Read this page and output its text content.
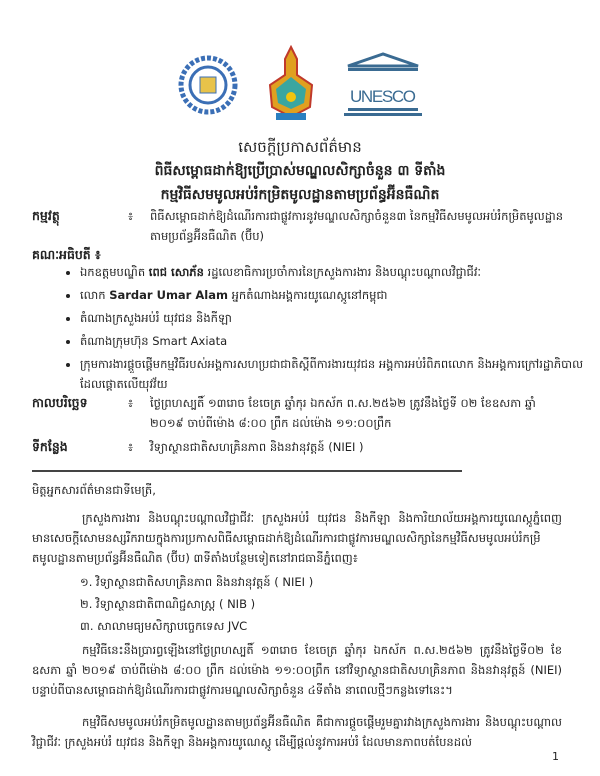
UNESCO
សេចក្តីប្រកាសព័ត៌មាន
ពិធីសម្ពោធដាក់ឱ្យប្រើប្រាស់មណ្ឌលសិក្សាចំនួន ៣ ទីតាំង
កម្មវិធីសមមូលអប់រំកម្រិតមូលដ្ឋានតាមប្រព័ន្ធអ៊ីនធឺណិត
កម្មវត្ថុ	៖	ពិធីសម្ពោធដាក់ឱ្យដំណើរការជាផ្លូវការនូវមណ្ឌលសិក្សាចំនួន៣ នៃកម្មវិធីសមមូលអប់រំកម្រិតមូលដ្ឋានតាមប្រព័ន្ធអ៊ីនធឺណិត (ប៊ីប)
គណៈអធិបតី ៖
• ឯកឧត្តមបណ្ឌិត ពេជ សោភ័ន រដ្ឋលេខាធិការប្រចាំការនៃក្រសួងការងារ និងបណ្តុះបណ្តាលវិជ្ជាជីវៈ
• លោក Sardar Umar Alam អ្នកតំណាងអង្គការយូណេស្កូនៅកម្ពុជា
• តំណាងក្រសួងអប់រំ យុវជន និងកីឡា
• តំណាងក្រុមហ៊ុន Smart Axiata
• ក្រុមការងារផ្តួចផ្តើមកម្មវិធីរបស់អង្គការសហប្រជាជាតិស្តីពីការងារយុវជន អង្គការអប់រំពិភពលោក និងអង្គការក្រៅរដ្ឋាភិបាលដែលផ្តោតលើយុវវ័យ
កាលបរិច្ឆេទ	៖	ថ្ងៃព្រហស្បតិ៍ ១៣រោច ខែចេត្រ ឆ្នាំកុរ ឯកស័ក ព.ស.២៥៦២ ត្រូវនឹងថ្ងៃទី ០២ ខែឧសភា ឆ្នាំ ២០១៩ ចាប់ពីម៉ោង ៨:០០ ព្រឹក ដល់ម៉ោង ១១:០០ព្រឹក
ទីកន្លែង	៖	វិទ្យាស្ថានជាតិសហគ្រិនភាព និងនវានុវត្តន៍ (NIEI )
មិត្តអ្នកសារព័ត៌មានជាទីមេត្រី,
ក្រសួងការងារ និងបណ្តុះបណ្តាលវិជ្ជាជីវៈ ក្រសួងអប់រំ យុវជន និងកីឡា និងការិយាល័យអង្គការយូណេស្កូភ្នំពេញ មានសេចក្តីសោមនស្សរីករាយក្នុងការប្រកាសពិធីសម្ពោធដាក់ឱ្យដំណើរការជាផ្លូវការមណ្ឌលសិក្សានៃកម្មវិធីសមមូលអប់រំកម្រិតមូលដ្ឋានតាមប្រព័ន្ធអ៊ីនធឺណិត (ប៊ីប) ៣ទីតាំងបន្ថែមទៀតនៅរាជធានីភ្នំពេញ៖
១. វិទ្យាស្ថានជាតិសហគ្រិនភាព និងនវានុវត្តន៍ ( NIEI )
២. វិទ្យាស្ថានជាតិពាណិជ្ជសាស្ត្រ ( NIB )
៣. សាលាមធ្យមសិក្សាបច្ចេកទេស JVC
កម្មវិធីនេះនឹងប្រារព្ធឡើងនៅថ្ងៃព្រហស្បតិ៍ ១៣រោច ខែចេត្រ ឆ្នាំកុរ ឯកស័ក ព.ស.២៥៦២ ត្រូវនឹងថ្ងៃទី០២ ខែឧសភា ឆ្នាំ ២០១៩ ចាប់ពីម៉ោង ៨:០០ ព្រឹក ដល់ម៉ោង ១១:០០ព្រឹក នៅវិទ្យាស្ថានជាតិសហគ្រិនភាព និងនវានុវត្តន៍ (NIEI) បន្ទាប់ពីបានសម្ពោធដាក់ឱ្យដំណើរការជាផ្លូវការមណ្ឌលសិក្សាចំនួន ៤ទីតាំង នាពេលថ្មីៗកន្លងទៅនេះ។
កម្មវិធីសមមូលអប់រំកម្រិតមូលដ្ឋានតាមប្រព័ន្ធអ៊ីនធឺណិត គឺជាការផ្តួចផ្តើមរួមគ្នារវាងក្រសួងការងារ និងបណ្តុះបណ្តាលវិជ្ជាជីវៈ ក្រសួងអប់រំ យុវជន និងកីឡា និងអង្គការយូណេស្កូ ដើម្បីផ្តល់នូវការអប់រំ ដែលមានភាពបត់បែនដល់
1
